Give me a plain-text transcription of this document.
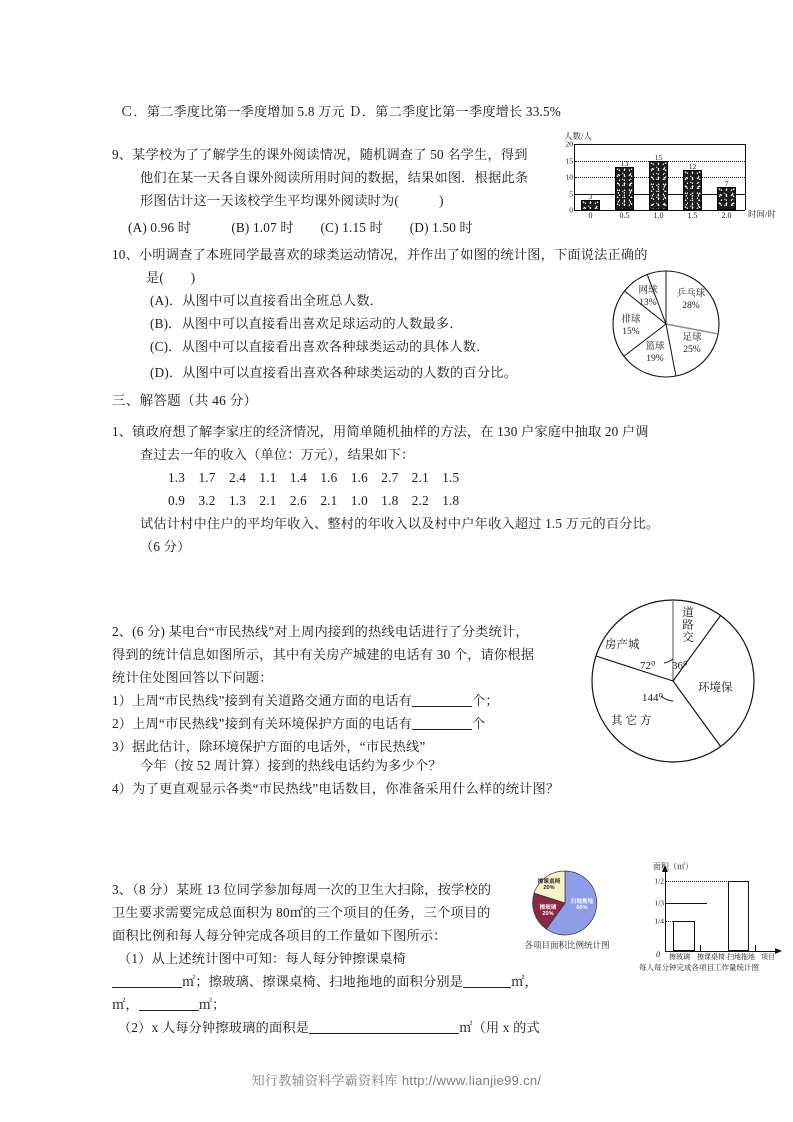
Ｃ．第二季度比第一季度增加 5.8 万元 Ｄ．第二季度比第一季度增长 33.5%
9、某学校为了了解学生的课外阅读情况，随机调查了 50 名学生，得到
他们在某一天各自课外阅读所用时间的数据，结果如图．根据此条
形图估计这一天该校学生平均课外阅读时为(　　　)
(A) 0.96 时　　　(B) 1.07 时　　(C) 1.15 时　　(D) 1.50 时
人数/人
0
5
10
15
20
3
0
13
0.5
15
1.0
12
1.5
7
2.0 时间/时
10、小明调查了本班同学最喜欢的球类运动情况，并作出了如图的统计图，下面说法正确的
是(　　)
(A)．从图中可以直接看出全班总人数．
(B)．从图中可以直接看出喜欢足球运动的人数最多．
(C)．从图中可以直接看出喜欢各种球类运动的具体人数．
(D)．从图中可以直接看出喜欢各种球类运动的人数的百分比。
乒乓球
28%
足球
25%
篮球
19%
排球
15%
网球
13%
三、解答题（共 46 分）
1、镇政府想了解李家庄的经济情况，用简单随机抽样的方法，在 130 户家庭中抽取 20 户调
查过去一年的收入（单位：万元），结果如下：
1.3　1.7　2.4　1.1　1.4　1.6　1.6　2.7　2.1　1.5
0.9　3.2　1.3　2.1　2.6　2.1　1.0　1.8　2.2　1.8
试估计村中住户的平均年收入、整村的年收入以及村中户年收入超过 1.5 万元的百分比。
（6 分）
2、(6 分) 某电台“市民热线”对上周内接到的热线电话进行了分类统计，
得到的统计信息如图所示，其中有关房产城建的电话有 30 个，请你根据
统计住处图回答以下问题：
1）上周“市民热线”接到有关道路交通方面的电话有	个；
2）上周“市民热线”接到有关环境保护方面的电话有	个
3）据此估计，除环境保护方面的电话外，“市民热线”
今年（按 52 周计算）接到的热线电话约为多少个？
4）为了更直观显示各类“市民热线”电话数目，你准备采用什么样的统计图？
房产城
道路交
环境保
其它方
72⁰ 36⁰
144⁰
3、（8 分）某班 13 位同学参加每周一次的卫生大扫除，按学校的
卫生要求需要完成总面积为 80㎡的三个项目的任务，三个项目的
面积比例和每人每分钟完成各项目的工作量如下图所示：
（1）从上述统计图中可知：每人每分钟擦课桌椅
㎡；擦玻璃、擦课桌椅、扫地拖地的面积分别是	㎡，
㎡，	㎡；
（2）x 人每分钟擦玻璃的面积是	㎡（用 x 的式
扫地拖地
60%
擦玻璃
20%
擦课桌椅
20%
各项目面积比例统计图
面积（㎡）
0
1/2
1/3
1/4
擦玻璃 擦课桌椅 扫地拖地 项目
每人每分钟完成各项目工作量统计图
知行教辅资料学霸资料库 http://www.lianjie99.cn/
